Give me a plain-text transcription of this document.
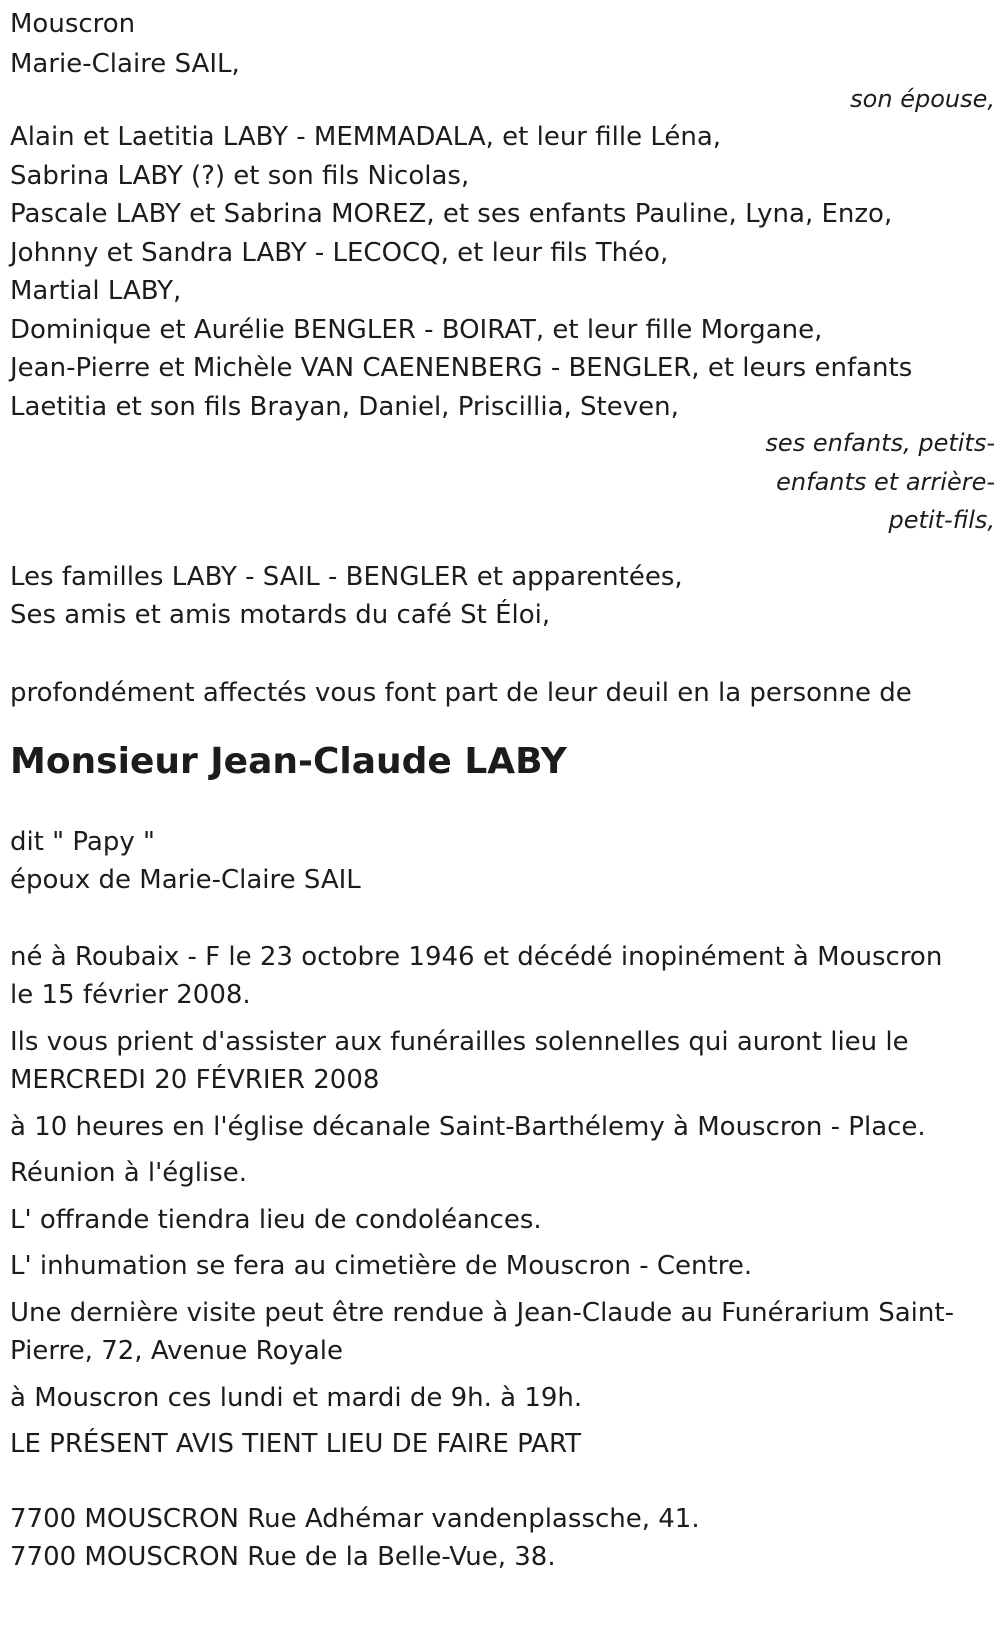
Mouscron
Marie-Claire SAIL,
son épouse,
Alain et Laetitia LABY - MEMMADALA, et leur fille Léna,
Sabrina LABY (?) et son fils Nicolas,
Pascale LABY et Sabrina MOREZ, et ses enfants Pauline, Lyna, Enzo,
Johnny et Sandra LABY - LECOCQ, et leur fils Théo,
Martial LABY,
Dominique et Aurélie BENGLER - BOIRAT, et leur fille Morgane,
Jean-Pierre et Michèle VAN CAENENBERG - BENGLER, et leurs enfants
Laetitia et son fils Brayan, Daniel, Priscillia, Steven,
ses enfants, petits-
enfants et arrière-
petit-fils,
Les familles LABY - SAIL - BENGLER et apparentées,
Ses amis et amis motards du café St Éloi,
profondément affectés vous font part de leur deuil en la personne de
Monsieur Jean-Claude LABY
dit " Papy "
époux de Marie-Claire SAIL
né à Roubaix - F le 23 octobre 1946 et décédé inopinément à Mouscron
le 15 février 2008.
Ils vous prient d'assister aux funérailles solennelles qui auront lieu le
MERCREDI 20 FÉVRIER 2008
à 10 heures en l'église décanale Saint-Barthélemy à Mouscron - Place.
Réunion à l'église.
L' offrande tiendra lieu de condoléances.
L' inhumation se fera au cimetière de Mouscron - Centre.
Une dernière visite peut être rendue à Jean-Claude au Funérarium Saint-
Pierre, 72, Avenue Royale
à Mouscron ces lundi et mardi de 9h. à 19h.
LE PRÉSENT AVIS TIENT LIEU DE FAIRE PART
7700 MOUSCRON Rue Adhémar vandenplassche, 41.
7700 MOUSCRON Rue de la Belle-Vue, 38.
